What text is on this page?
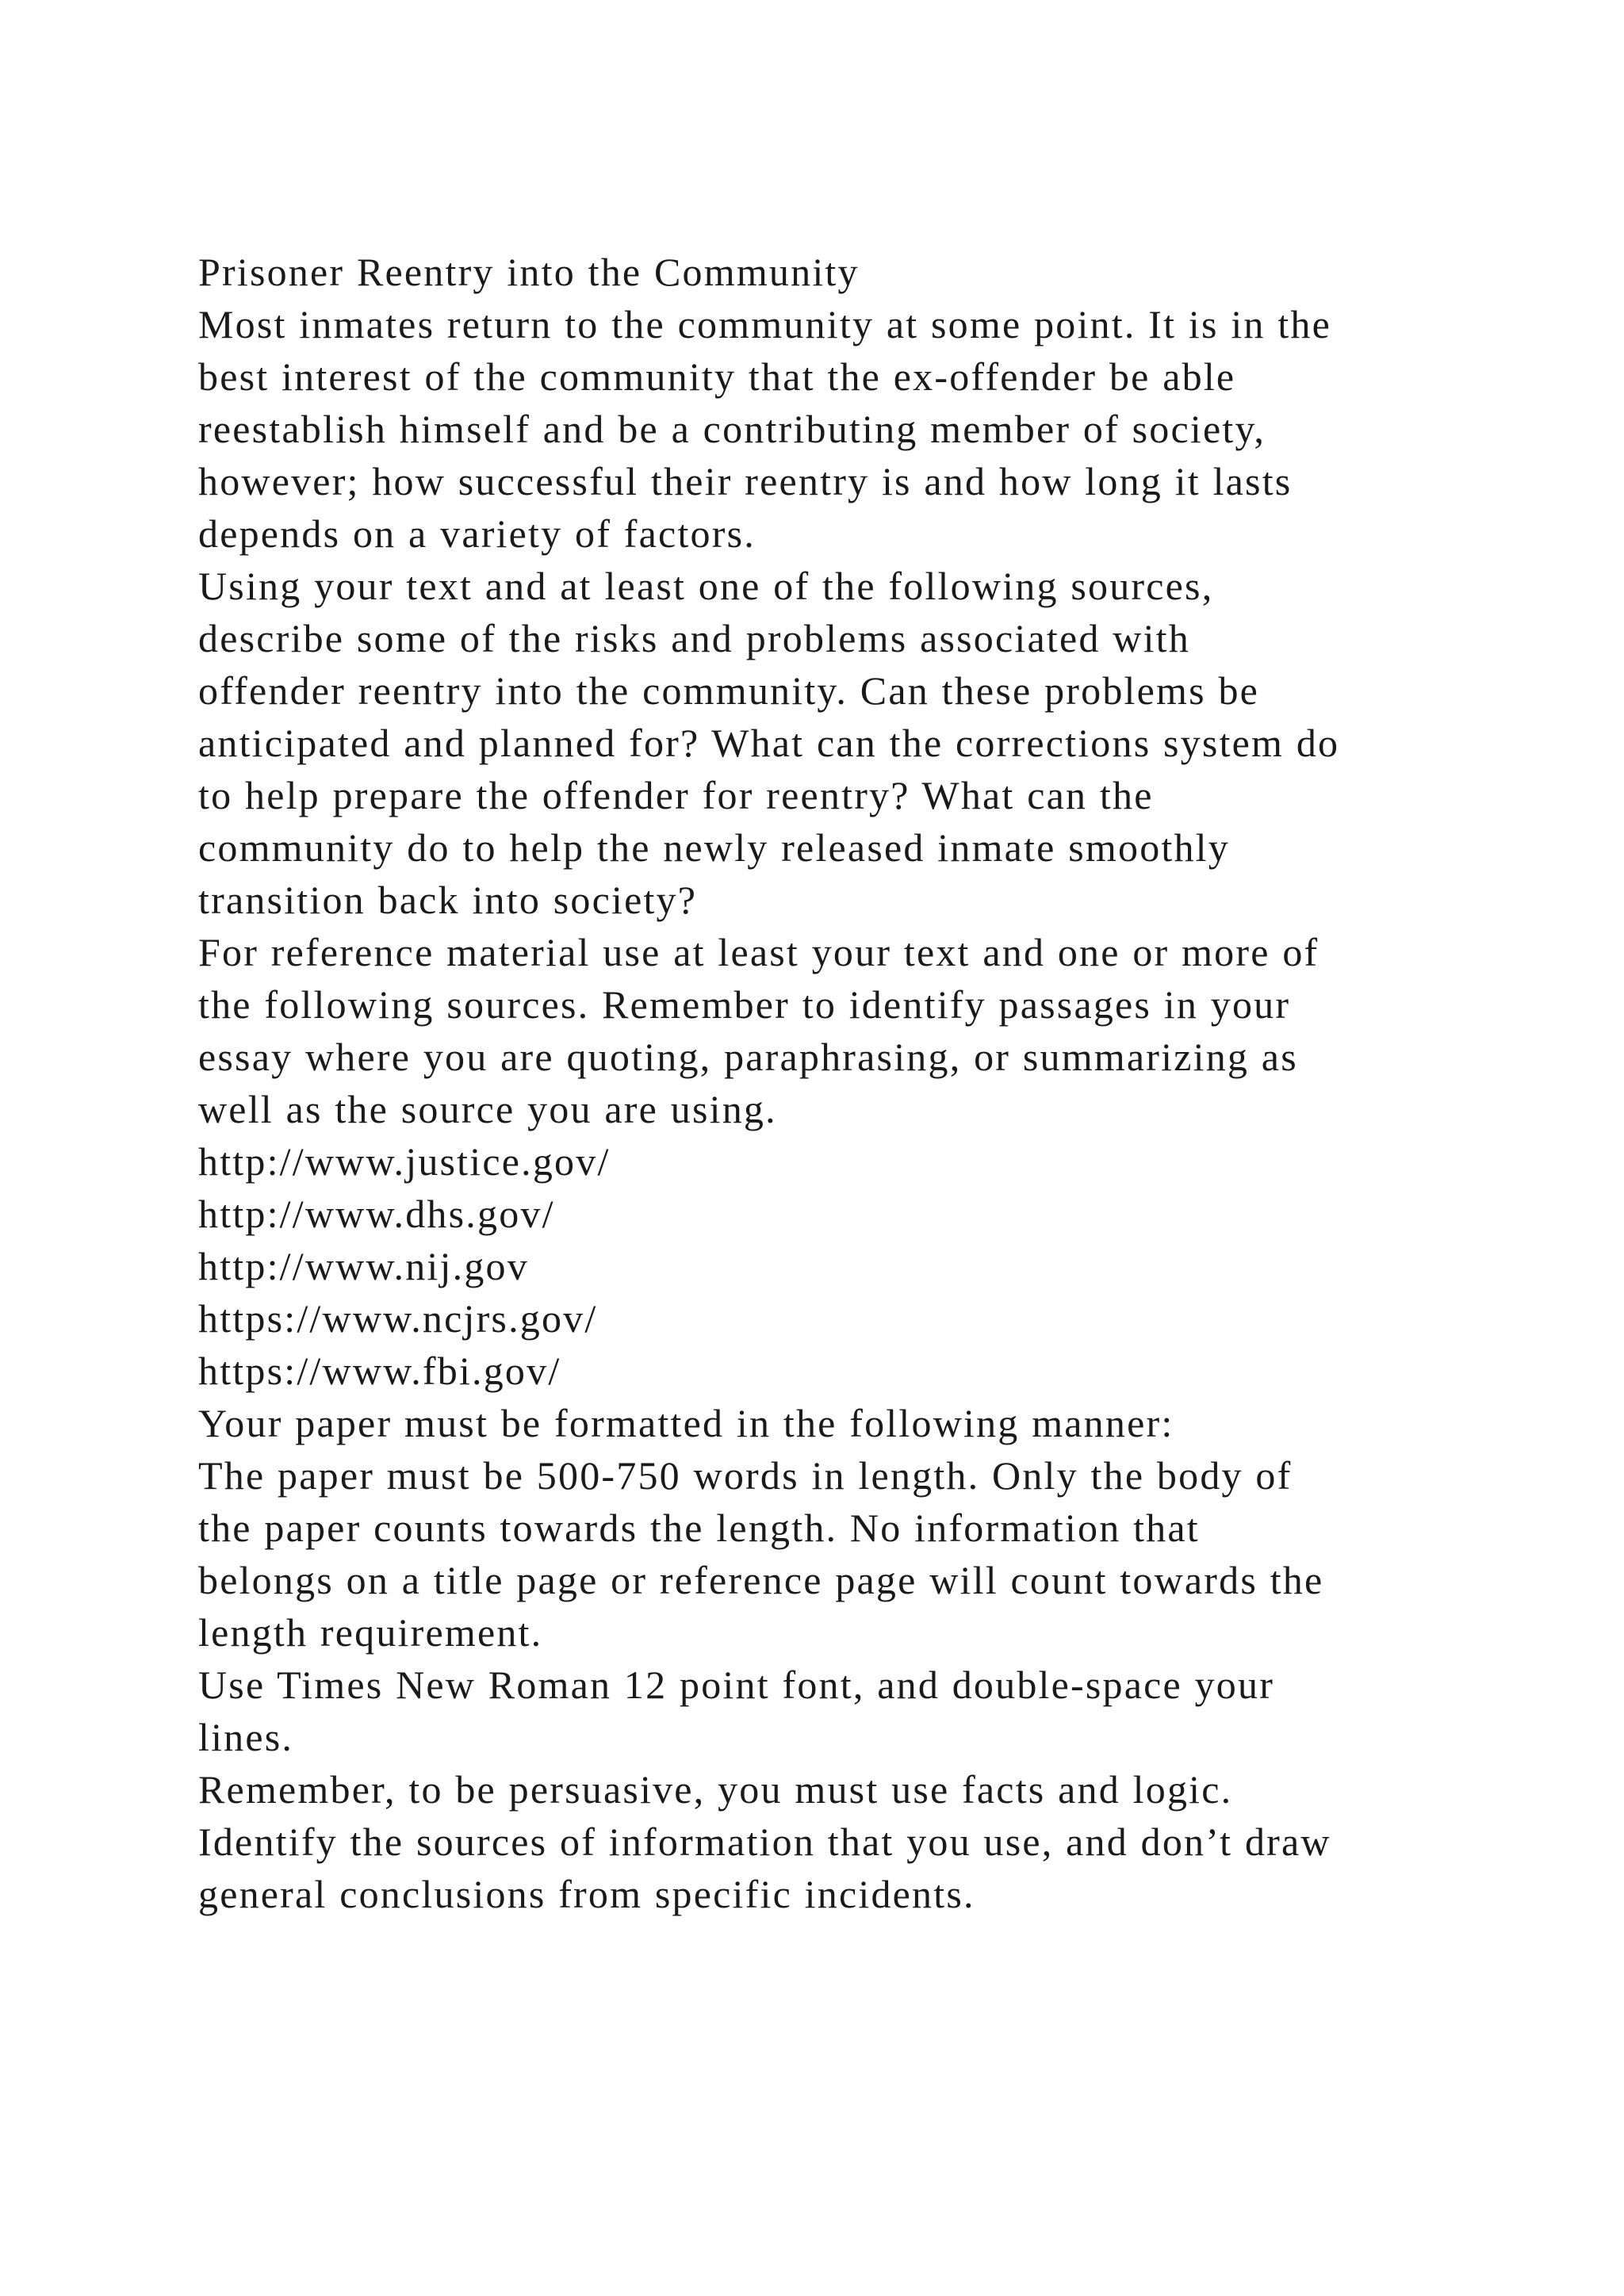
Prisoner Reentry into the Community
Most inmates return to the community at some point. It is in the
best interest of the community that the ex-offender be able
reestablish himself and be a contributing member of society,
however; how successful their reentry is and how long it lasts
depends on a variety of factors.
Using your text and at least one of the following sources,
describe some of the risks and problems associated with
offender reentry into the community. Can these problems be
anticipated and planned for? What can the corrections system do
to help prepare the offender for reentry? What can the
community do to help the newly released inmate smoothly
transition back into society?
For reference material use at least your text and one or more of
the following sources. Remember to identify passages in your
essay where you are quoting, paraphrasing, or summarizing as
well as the source you are using.
http://www.justice.gov/
http://www.dhs.gov/
http://www.nij.gov
https://www.ncjrs.gov/
https://www.fbi.gov/
Your paper must be formatted in the following manner:
The paper must be 500-750 words in length. Only the body of
the paper counts towards the length. No information that
belongs on a title page or reference page will count towards the
length requirement.
Use Times New Roman 12 point font, and double-space your
lines.
Remember, to be persuasive, you must use facts and logic.
Identify the sources of information that you use, and don’t draw
general conclusions from specific incidents.
